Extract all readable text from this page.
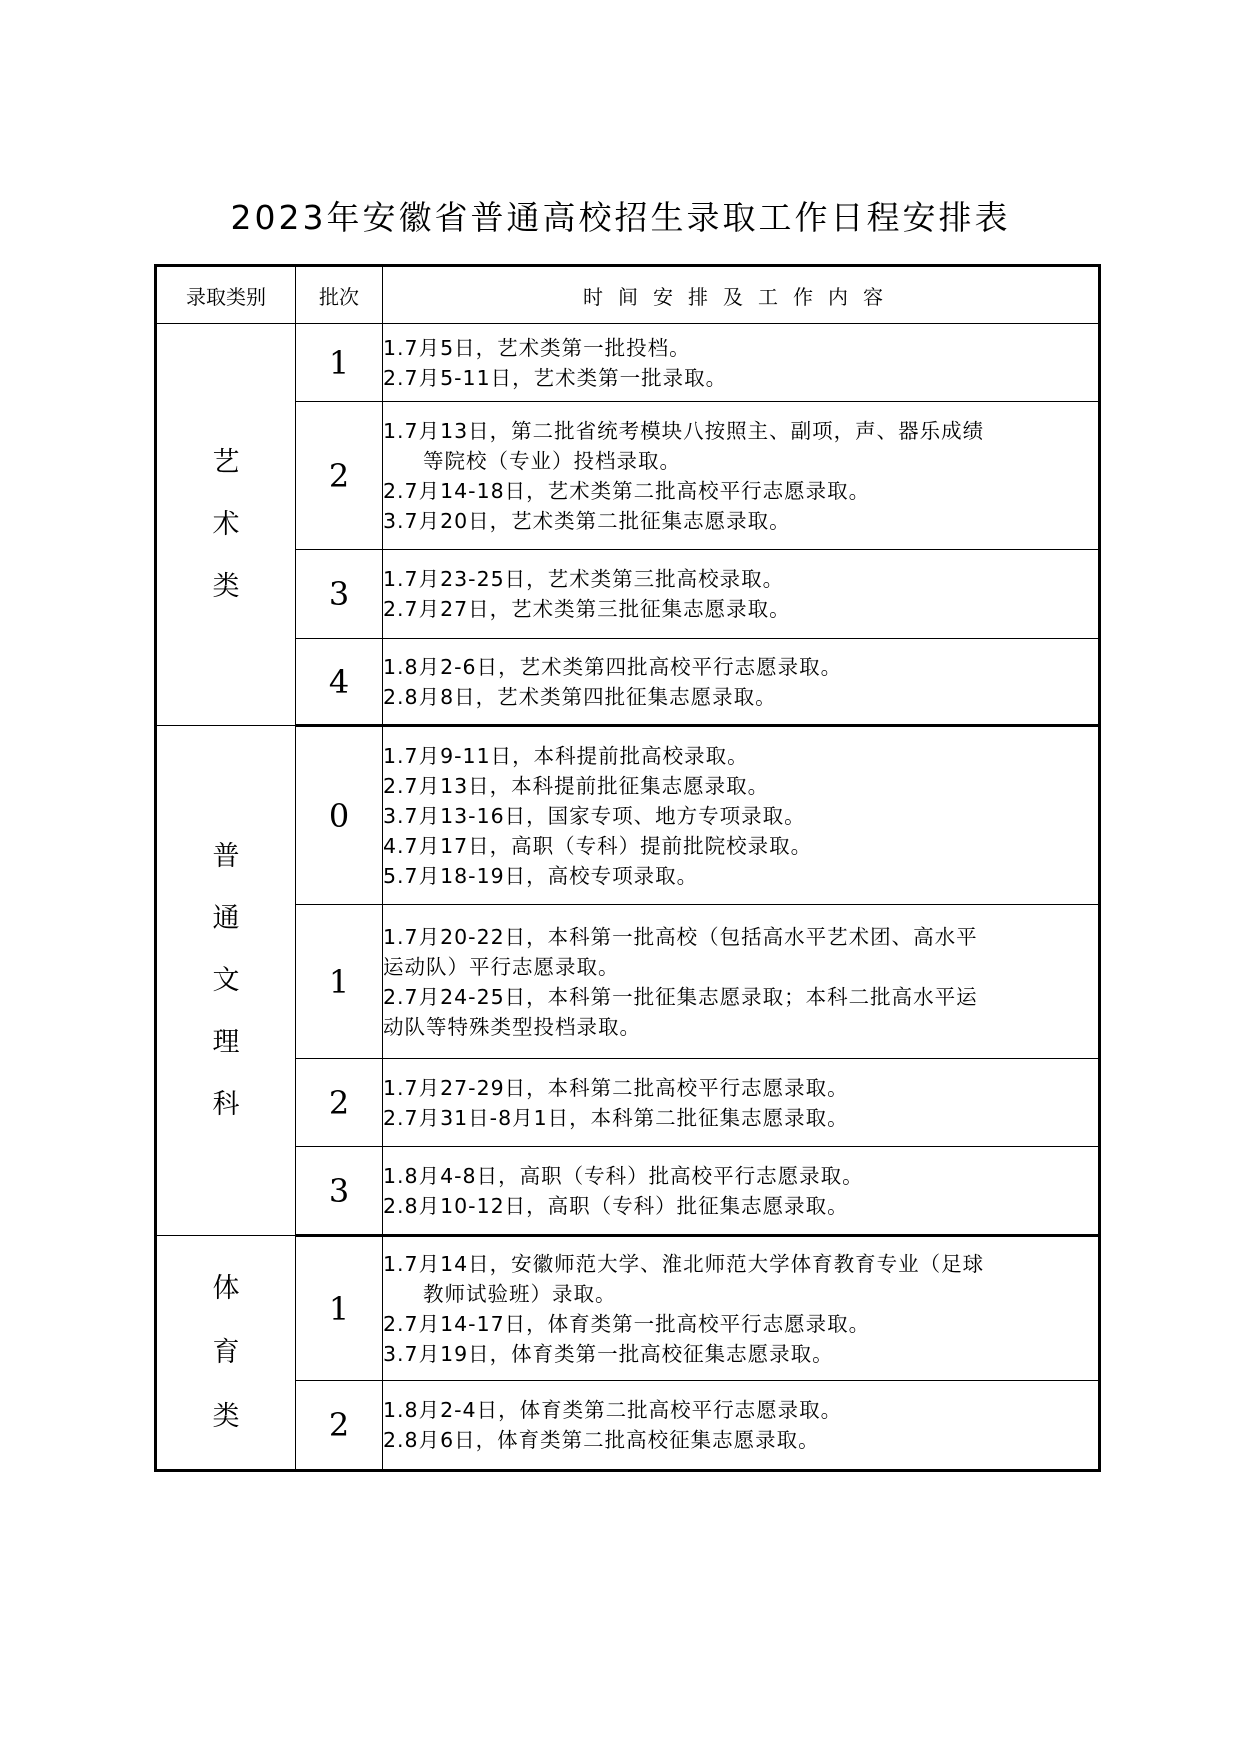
2023年安徽省普通高校招生录取工作日程安排表
录取类别	批次	时间安排及工作内容
艺术类	1	1.7月5日，艺术类第一批投档。
2.7月5-11日，艺术类第一批录取。

	2	1.7月13日，第二批省统考模块八按照主、副项，声、器乐成绩
等院校（专业）投档录取。
2.7月14-18日，艺术类第二批高校平行志愿录取。
3.7月20日，艺术类第二批征集志愿录取。

	3	1.7月23-25日，艺术类第三批高校录取。
2.7月27日，艺术类第三批征集志愿录取。

	4	1.8月2-6日，艺术类第四批高校平行志愿录取。
2.8月8日，艺术类第四批征集志愿录取。

普通文理科	0	1.7月9-11日，本科提前批高校录取。
2.7月13日，本科提前批征集志愿录取。
3.7月13-16日，国家专项、地方专项录取。
4.7月17日，高职（专科）提前批院校录取。
5.7月18-19日，高校专项录取。

	1	1.7月20-22日，本科第一批高校（包括高水平艺术团、高水平
运动队）平行志愿录取。
2.7月24-25日，本科第一批征集志愿录取；本科二批高水平运
动队等特殊类型投档录取。

	2	1.7月27-29日，本科第二批高校平行志愿录取。
2.7月31日-8月1日，本科第二批征集志愿录取。

	3	1.8月4-8日，高职（专科）批高校平行志愿录取。
2.8月10-12日，高职（专科）批征集志愿录取。

体育类	1	1.7月14日，安徽师范大学、淮北师范大学体育教育专业（足球
教师试验班）录取。
2.7月14-17日，体育类第一批高校平行志愿录取。
3.7月19日，体育类第一批高校征集志愿录取。

	2	1.8月2-4日，体育类第二批高校平行志愿录取。
2.8月6日，体育类第二批高校征集志愿录取。
